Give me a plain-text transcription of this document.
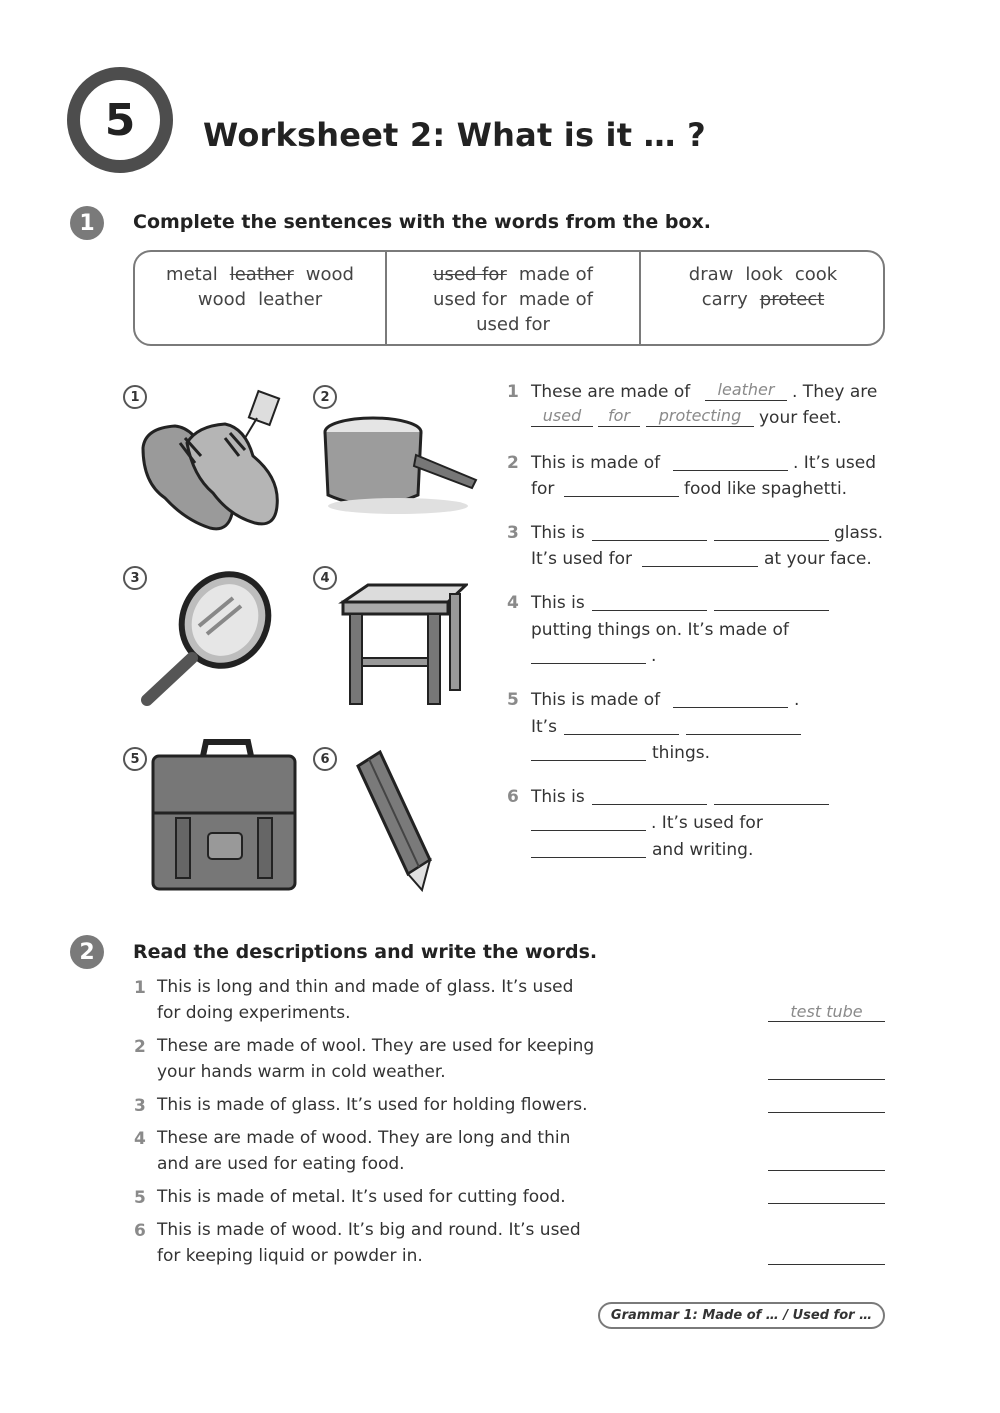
5 Worksheet 2: What is it … ?
1	Complete the sentences with the words from the box.
metal leather wood
wood leather
used for made of
used for made of
used for
draw look cook
carry protect
1	2
3	4
5	6
1 These are made of	leather	. They are
used	for	protecting	your feet.
2 This is made of	. It’s used
for	food like spaghetti.
3 This is	glass.
It’s used for	at your face.
4 This is
putting things on. It’s made of
.
5 This is made of	.
It’s
things.
6 This is
. It’s used for
and writing.
2	Read the descriptions and write the words.
1 This is long and thin and made of glass. It’s used
for doing experiments.	test tube
2 These are made of wool. They are used for keeping
your hands warm in cold weather.
3 This is made of glass. It’s used for holding flowers.
4 These are made of wood. They are long and thin
and are used for eating food.
5 This is made of metal. It’s used for cutting food.
6 This is made of wood. It’s big and round. It’s used
for keeping liquid or powder in.
Grammar 1: Made of … / Used for …
